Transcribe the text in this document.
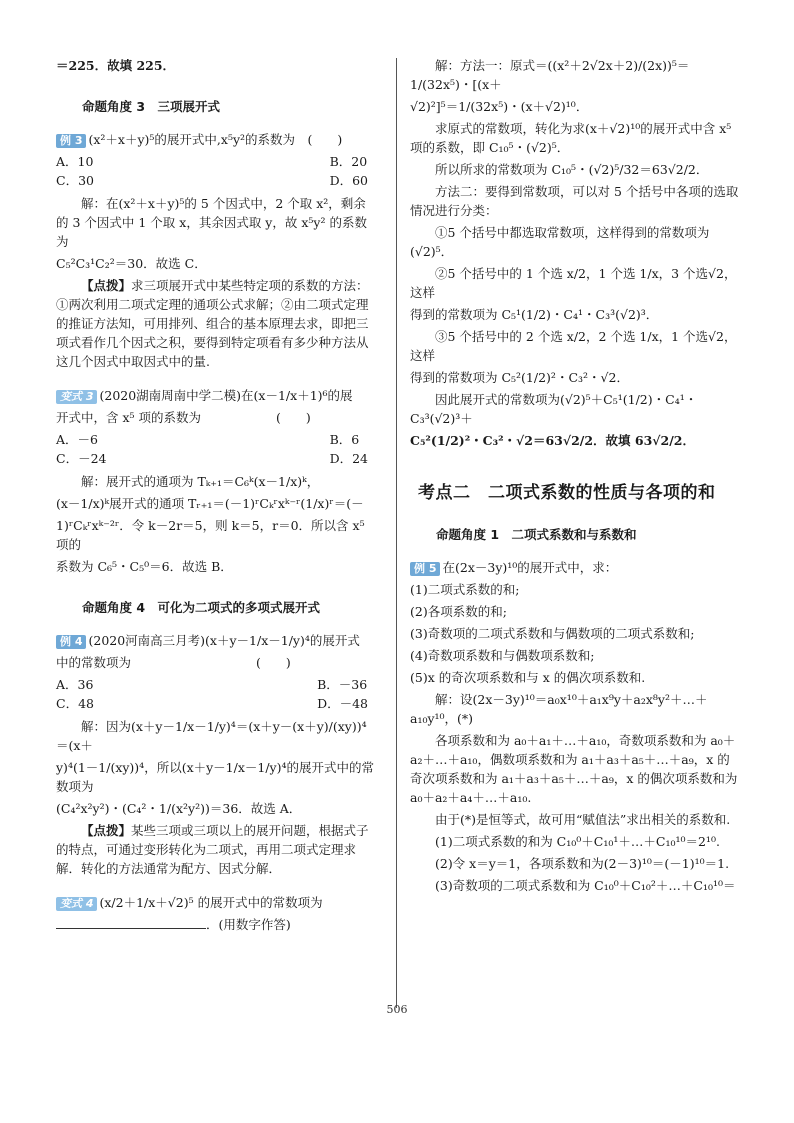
＝225．故填 225．

命题角度 3　三项展开式

例 3 (x²＋x＋y)⁵的展开式中,x⁵y²的系数为　(　　)

A．10	B．20
C．30	D．60

解：在(x²＋x＋y)⁵的 5 个因式中，2 个取 x²，剩余的 3 个因式中 1 个取 x，其余因式取 y，故 x⁵y² 的系数为

C₅²C₃¹C₂²＝30．故选 C．

【点拨】求三项展开式中某些特定项的系数的方法：①两次利用二项式定理的通项公式求解；②由二项式定理的推证方法知，可用排列、组合的基本原理去求，即把三项式看作几个因式之积，要得到特定项看有多少种方法从这几个因式中取因式中的量.

变式 3 (2020湖南周南中学二模)在(x－1/x＋1)⁶的展

开式中，含 x⁵ 项的系数为　　　　　　(　　)

A．－6	B．6
C．－24	D．24

解：展开式的通项为 Tₖ₊₁＝C₆ᵏ(x－1/x)ᵏ，

(x－1/x)ᵏ展开式的通项 Tᵣ₊₁＝(－1)ʳCₖʳxᵏ⁻ʳ(1/x)ʳ＝(－

1)ʳCₖʳxᵏ⁻²ʳ．令 k－2r＝5，则 k＝5，r＝0．所以含 x⁵ 项的

系数为 C₆⁵・C₅⁰＝6．故选 B．

命题角度 4　可化为二项式的多项式展开式

例 4 (2020河南高三月考)(x＋y－1/x－1/y)⁴的展开式

中的常数项为　　　　　　　　　　(　　)

A．36	B．－36
C．48	D．－48

解：因为(x＋y－1/x－1/y)⁴＝(x＋y－(x＋y)/(xy))⁴＝(x＋

y)⁴(1－1/(xy))⁴，所以(x＋y－1/x－1/y)⁴的展开式中的常数项为

(C₄²x²y²)・(C₄²・1/(x²y²))＝36．故选 A．

【点拨】某些三项或三项以上的展开问题，根据式子的特点，可通过变形转化为二项式，再用二项式定理求解．转化的方法通常为配方、因式分解．

变式 4 (x/2＋1/x＋√2)⁵ 的展开式中的常数项为

．(用数字作答)

解：方法一：原式＝((x²＋2√2x＋2)/(2x))⁵＝1/(32x⁵)・[(x＋

√2)²]⁵＝1/(32x⁵)・(x＋√2)¹⁰．

求原式的常数项，转化为求(x＋√2)¹⁰的展开式中含 x⁵ 项的系数，即 C₁₀⁵・(√2)⁵．

所以所求的常数项为 C₁₀⁵・(√2)⁵/32＝63√2/2．

方法二：要得到常数项，可以对 5 个括号中各项的选取情况进行分类：

①5 个括号中都选取常数项，这样得到的常数项为(√2)⁵．

②5 个括号中的 1 个选 x/2，1 个选 1/x，3 个选√2，这样

得到的常数项为 C₅¹(1/2)・C₄¹・C₃³(√2)³．

③5 个括号中的 2 个选 x/2，2 个选 1/x，1 个选√2，这样

得到的常数项为 C₅²(1/2)²・C₃²・√2．

因此展开式的常数项为(√2)⁵＋C₅¹(1/2)・C₄¹・C₃³(√2)³＋

C₅²(1/2)²・C₃²・√2＝63√2/2．故填 63√2/2．

考点二　二项式系数的性质与各项的和
命题角度 1　二项式系数和与系数和

例 5 在(2x－3y)¹⁰的展开式中，求：

(1)二项式系数的和;

(2)各项系数的和;

(3)奇数项的二项式系数和与偶数项的二项式系数和;

(4)奇数项系数和与偶数项系数和;

(5)x 的奇次项系数和与 x 的偶次项系数和.

解：设(2x－3y)¹⁰＝a₀x¹⁰＋a₁x⁹y＋a₂x⁸y²＋…＋a₁₀y¹⁰，(*)

各项系数和为 a₀＋a₁＋…＋a₁₀，奇数项系数和为 a₀＋a₂＋…＋a₁₀，偶数项系数和为 a₁＋a₃＋a₅＋…＋a₉，x 的奇次项系数和为 a₁＋a₃＋a₅＋…＋a₉，x 的偶次项系数和为 a₀＋a₂＋a₄＋…＋a₁₀.

由于(*)是恒等式，故可用“赋值法”求出相关的系数和.

(1)二项式系数的和为 C₁₀⁰＋C₁₀¹＋…＋C₁₀¹⁰＝2¹⁰.

(2)令 x＝y＝1，各项系数和为(2－3)¹⁰＝(－1)¹⁰＝1.

(3)奇数项的二项式系数和为 C₁₀⁰＋C₁₀²＋…＋C₁₀¹⁰＝

506
